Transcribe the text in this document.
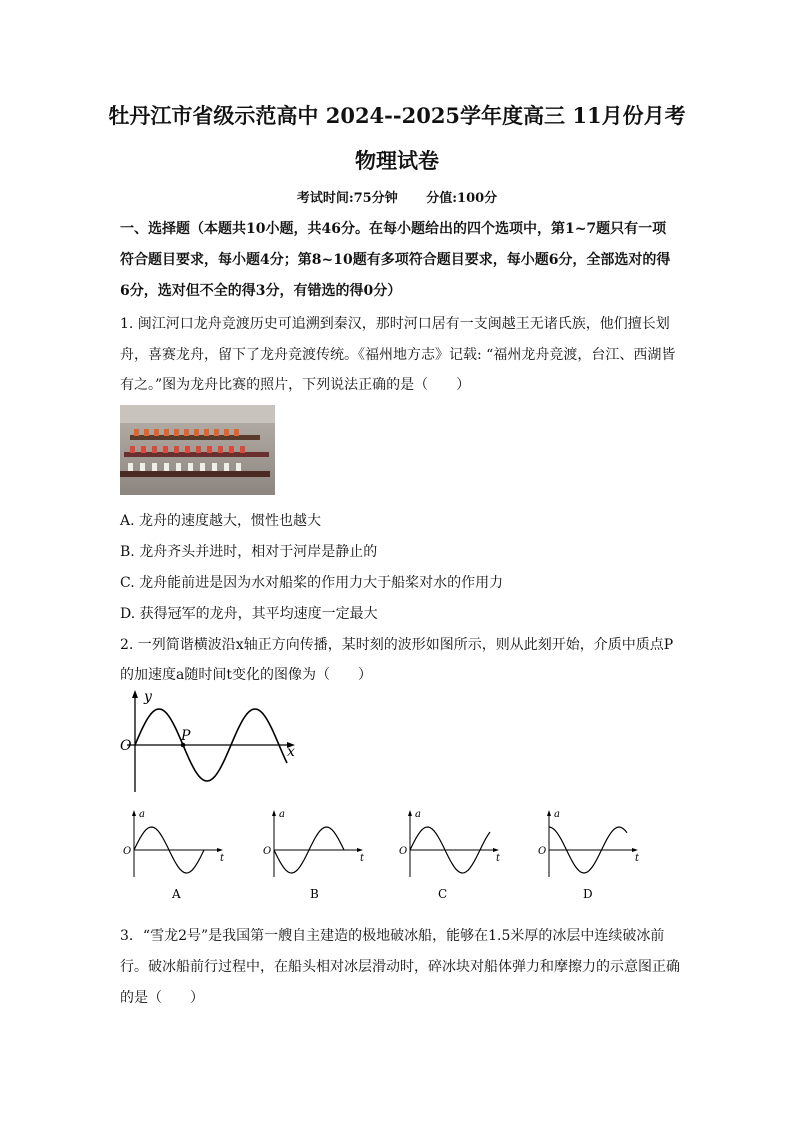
牡丹江市省级示范高中 2024--2025学年度高三 11月份月考
物理试卷
考试时间:75分钟 分值:100分
一、选择题（本题共10小题，共46分。在每小题给出的四个选项中，第1~7题只有一项
符合题目要求，每小题4分；第8~10题有多项符合题目要求，每小题6分，全部选对的得
6分，选对但不全的得3分，有错选的得0分）
1. 闽江河口龙舟竞渡历史可追溯到秦汉，那时河口居有一支闽越王无诸氏族，他们擅长划
舟，喜赛龙舟，留下了龙舟竞渡传统。《福州地方志》记载: “福州龙舟竞渡，台江、西湖皆
有之。”图为龙舟比赛的照片，下列说法正确的是（　　）
A. 龙舟的速度越大，惯性也越大
B. 龙舟齐头并进时，相对于河岸是静止的
C. 龙舟能前进是因为水对船桨的作用力大于船桨对水的作用力
D. 获得冠军的龙舟，其平均速度一定最大
2. 一列简谐横波沿x轴正方向传播，某时刻的波形如图所示，则从此刻开始，介质中质点P
的加速度a随时间t变化的图像为（　　）
y
O
P
x
a
O
t
A
a
O
t
B
a
O
t
C
a
O
t
D
3．“雪龙2号”是我国第一艘自主建造的极地破冰船，能够在1.5米厚的冰层中连续破冰前
行。破冰船前行过程中，在船头相对冰层滑动时，碎冰块对船体弹力和摩擦力的示意图正确
的是（　　）
